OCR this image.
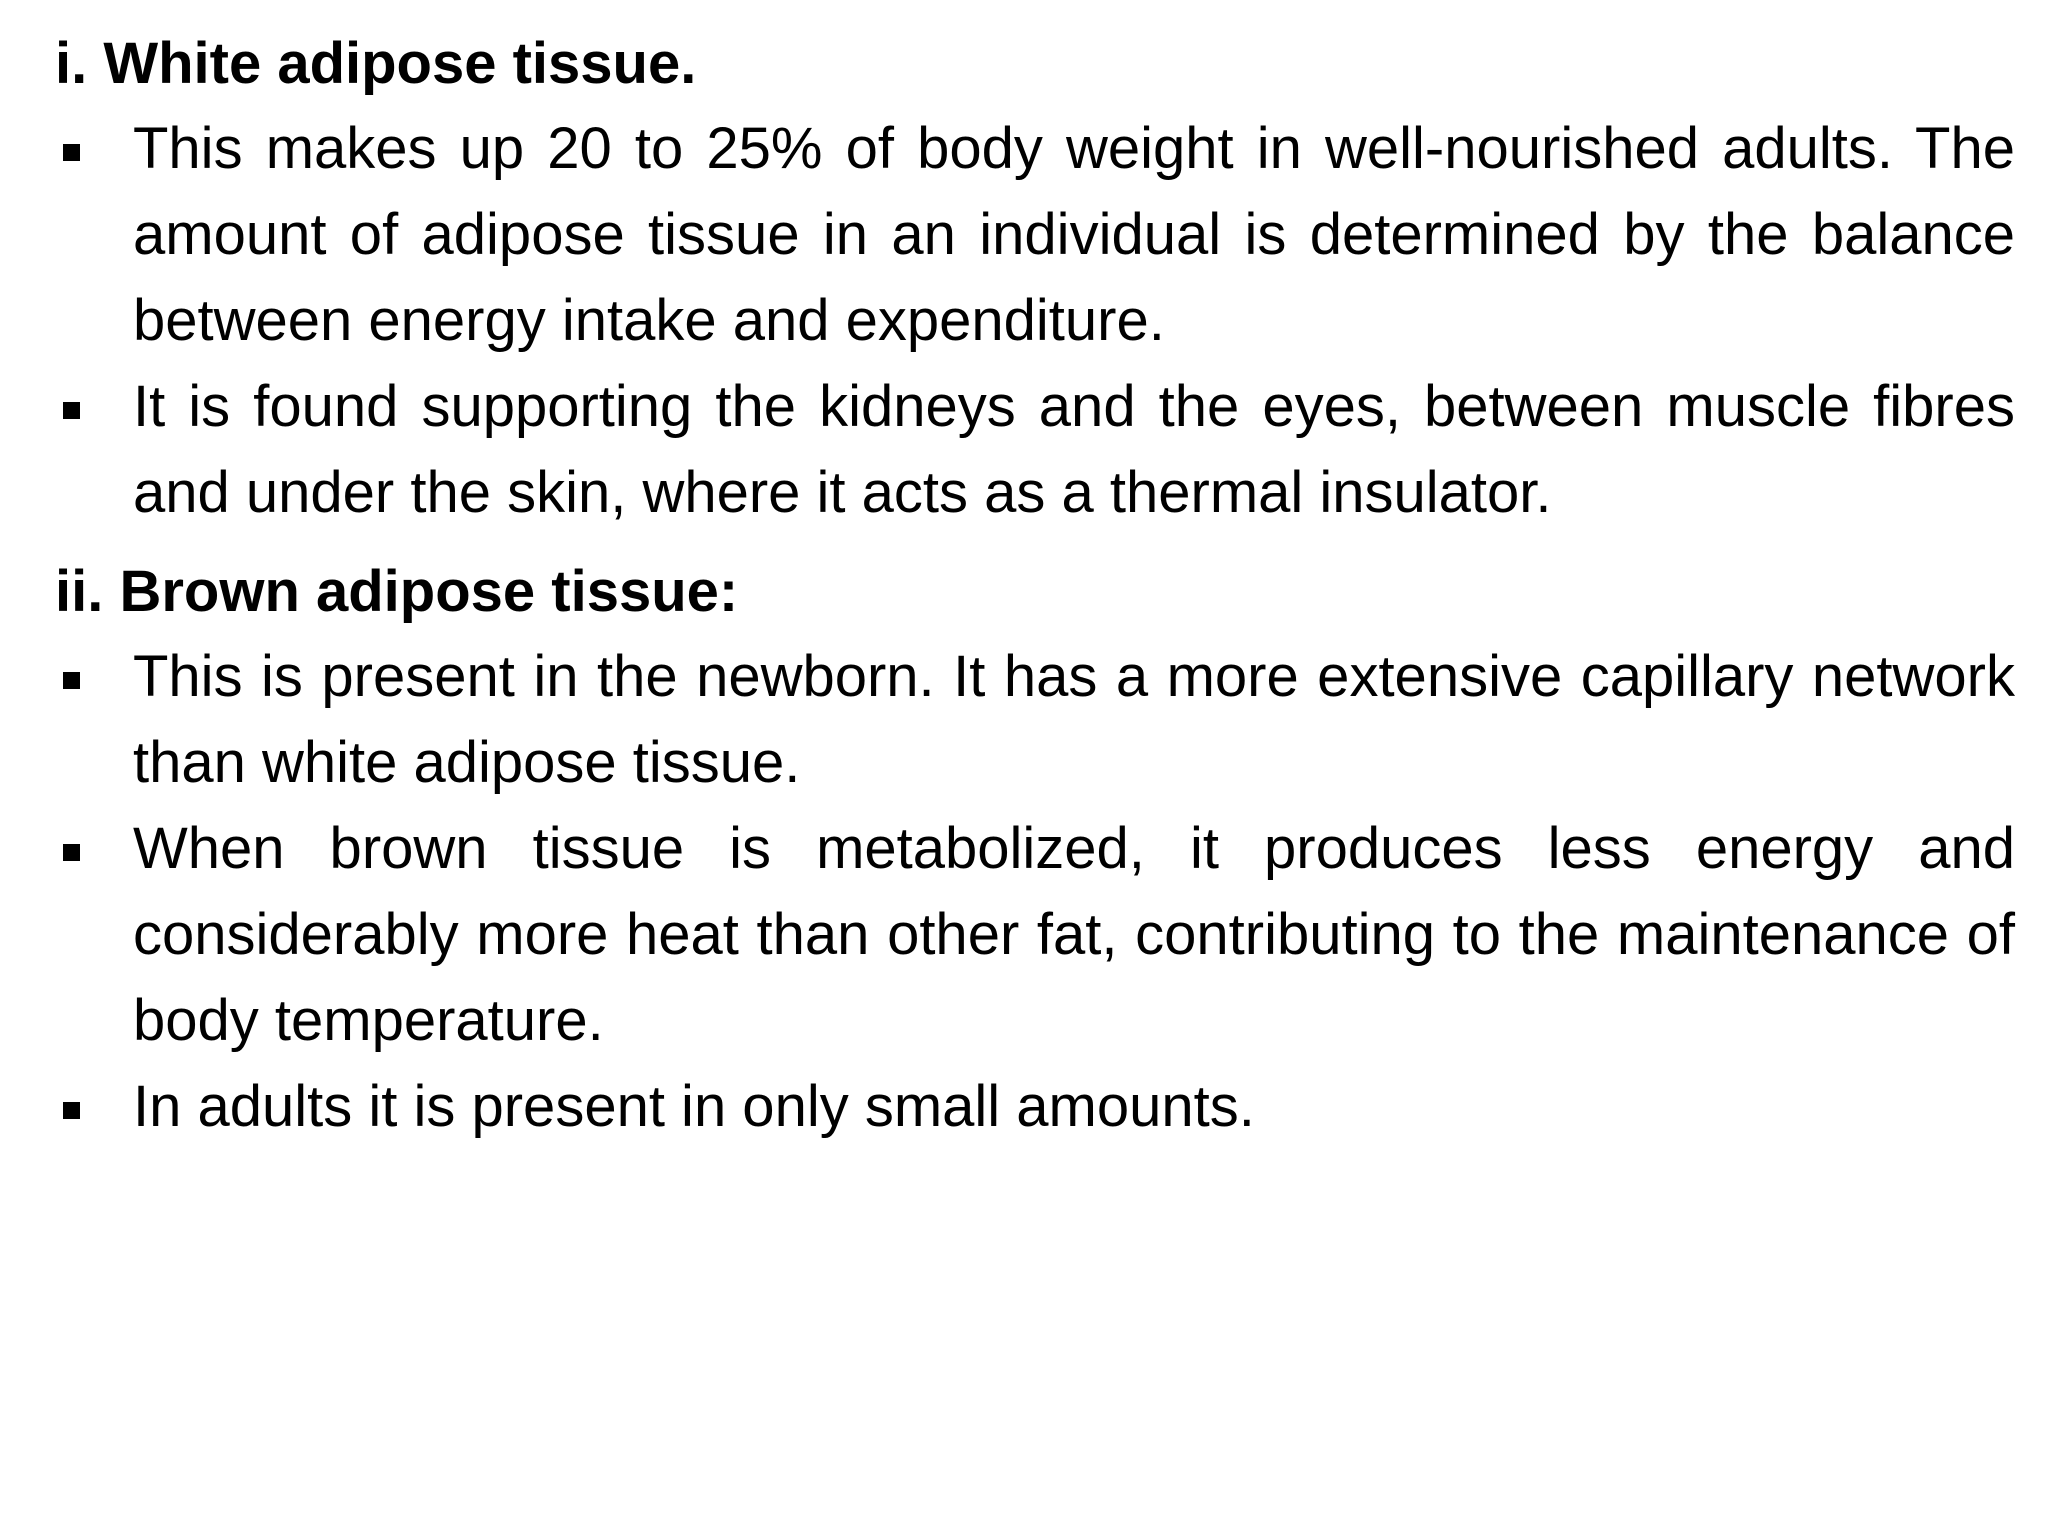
i. White adipose tissue.
This makes up 20 to 25% of body weight in well-nourished adults. The amount of adipose tissue in an individual is determined by the balance between energy intake and expenditure.
It is found supporting the kidneys and the eyes, between muscle fibres and under the skin, where it acts as a thermal insulator.
ii. Brown adipose tissue:
This is present in the newborn. It has a more extensive capillary network than white adipose tissue.
When brown tissue is metabolized, it produces less energy and considerably more heat than other fat, contributing to the maintenance of body temperature.
In adults it is present in only small amounts.
